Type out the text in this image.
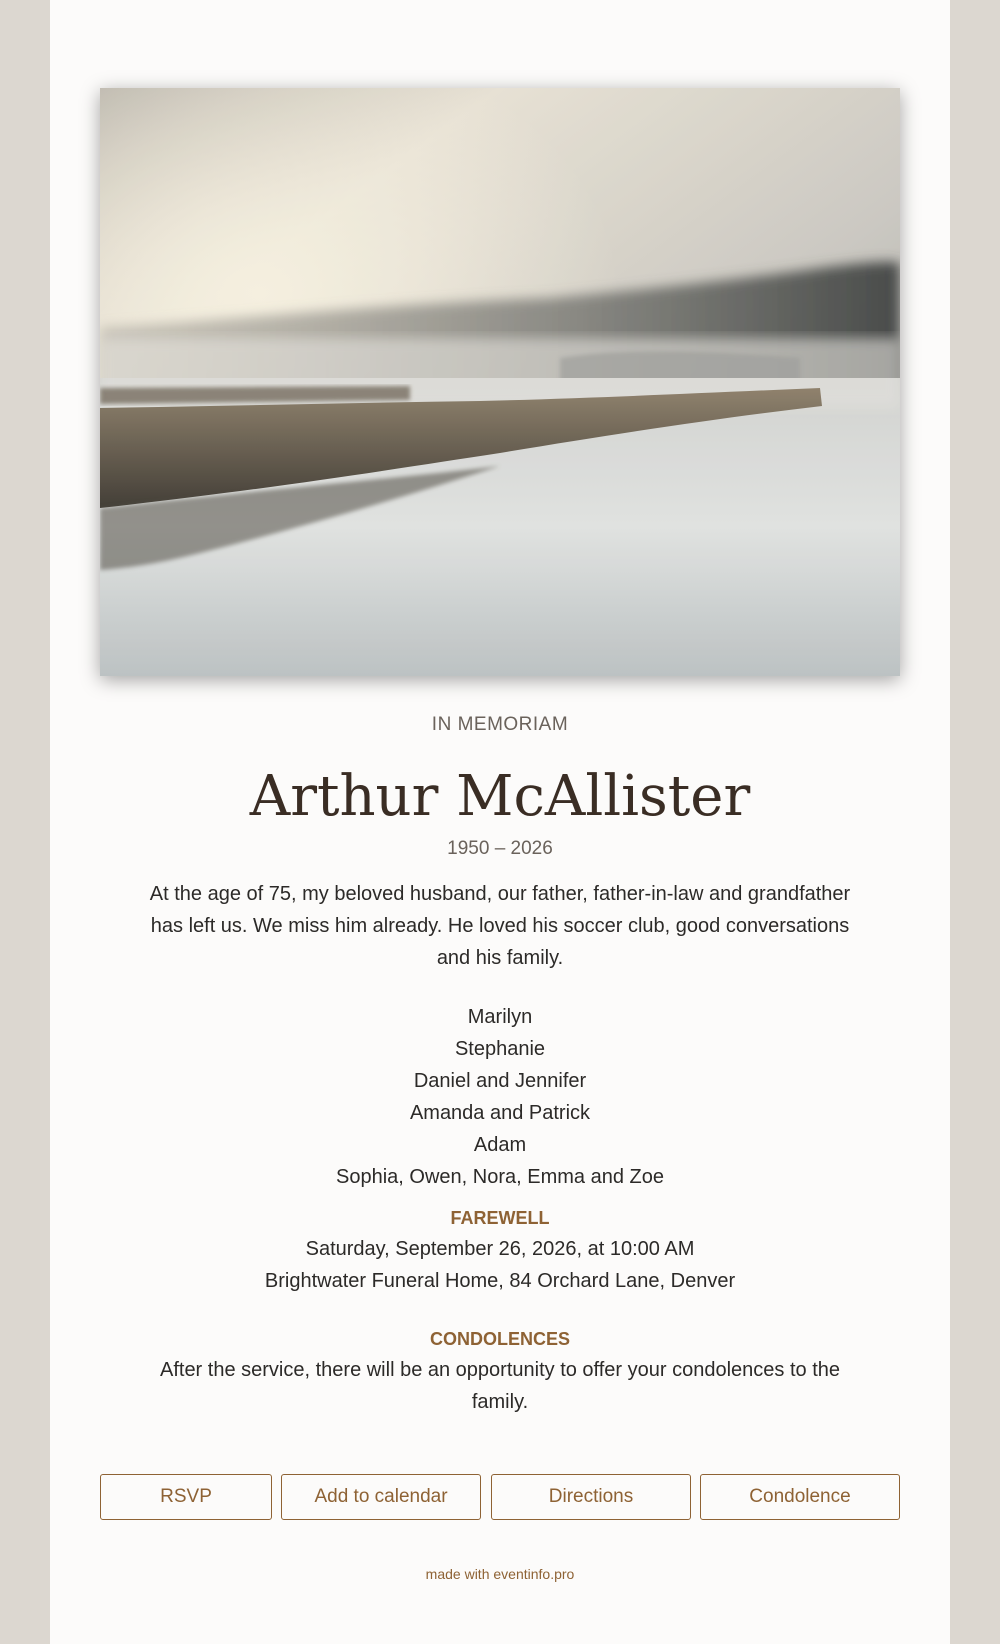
IN MEMORIAM
Arthur McAllister
1950 – 2026
At the age of 75, my beloved husband, our father, father-in-law and grandfather has left us. We miss him already. He loved his soccer club, good conversations and his family.
Marilyn
Stephanie
Daniel and Jennifer
Amanda and Patrick
Adam
Sophia, Owen, Nora, Emma and Zoe
FAREWELL
Saturday, September 26, 2026, at 10:00 AM
Brightwater Funeral Home, 84 Orchard Lane, Denver
CONDOLENCES
After the service, there will be an opportunity to offer your condolences to the family.
RSVP	Add to calendar	Directions	Condolence
made with eventinfo.pro
